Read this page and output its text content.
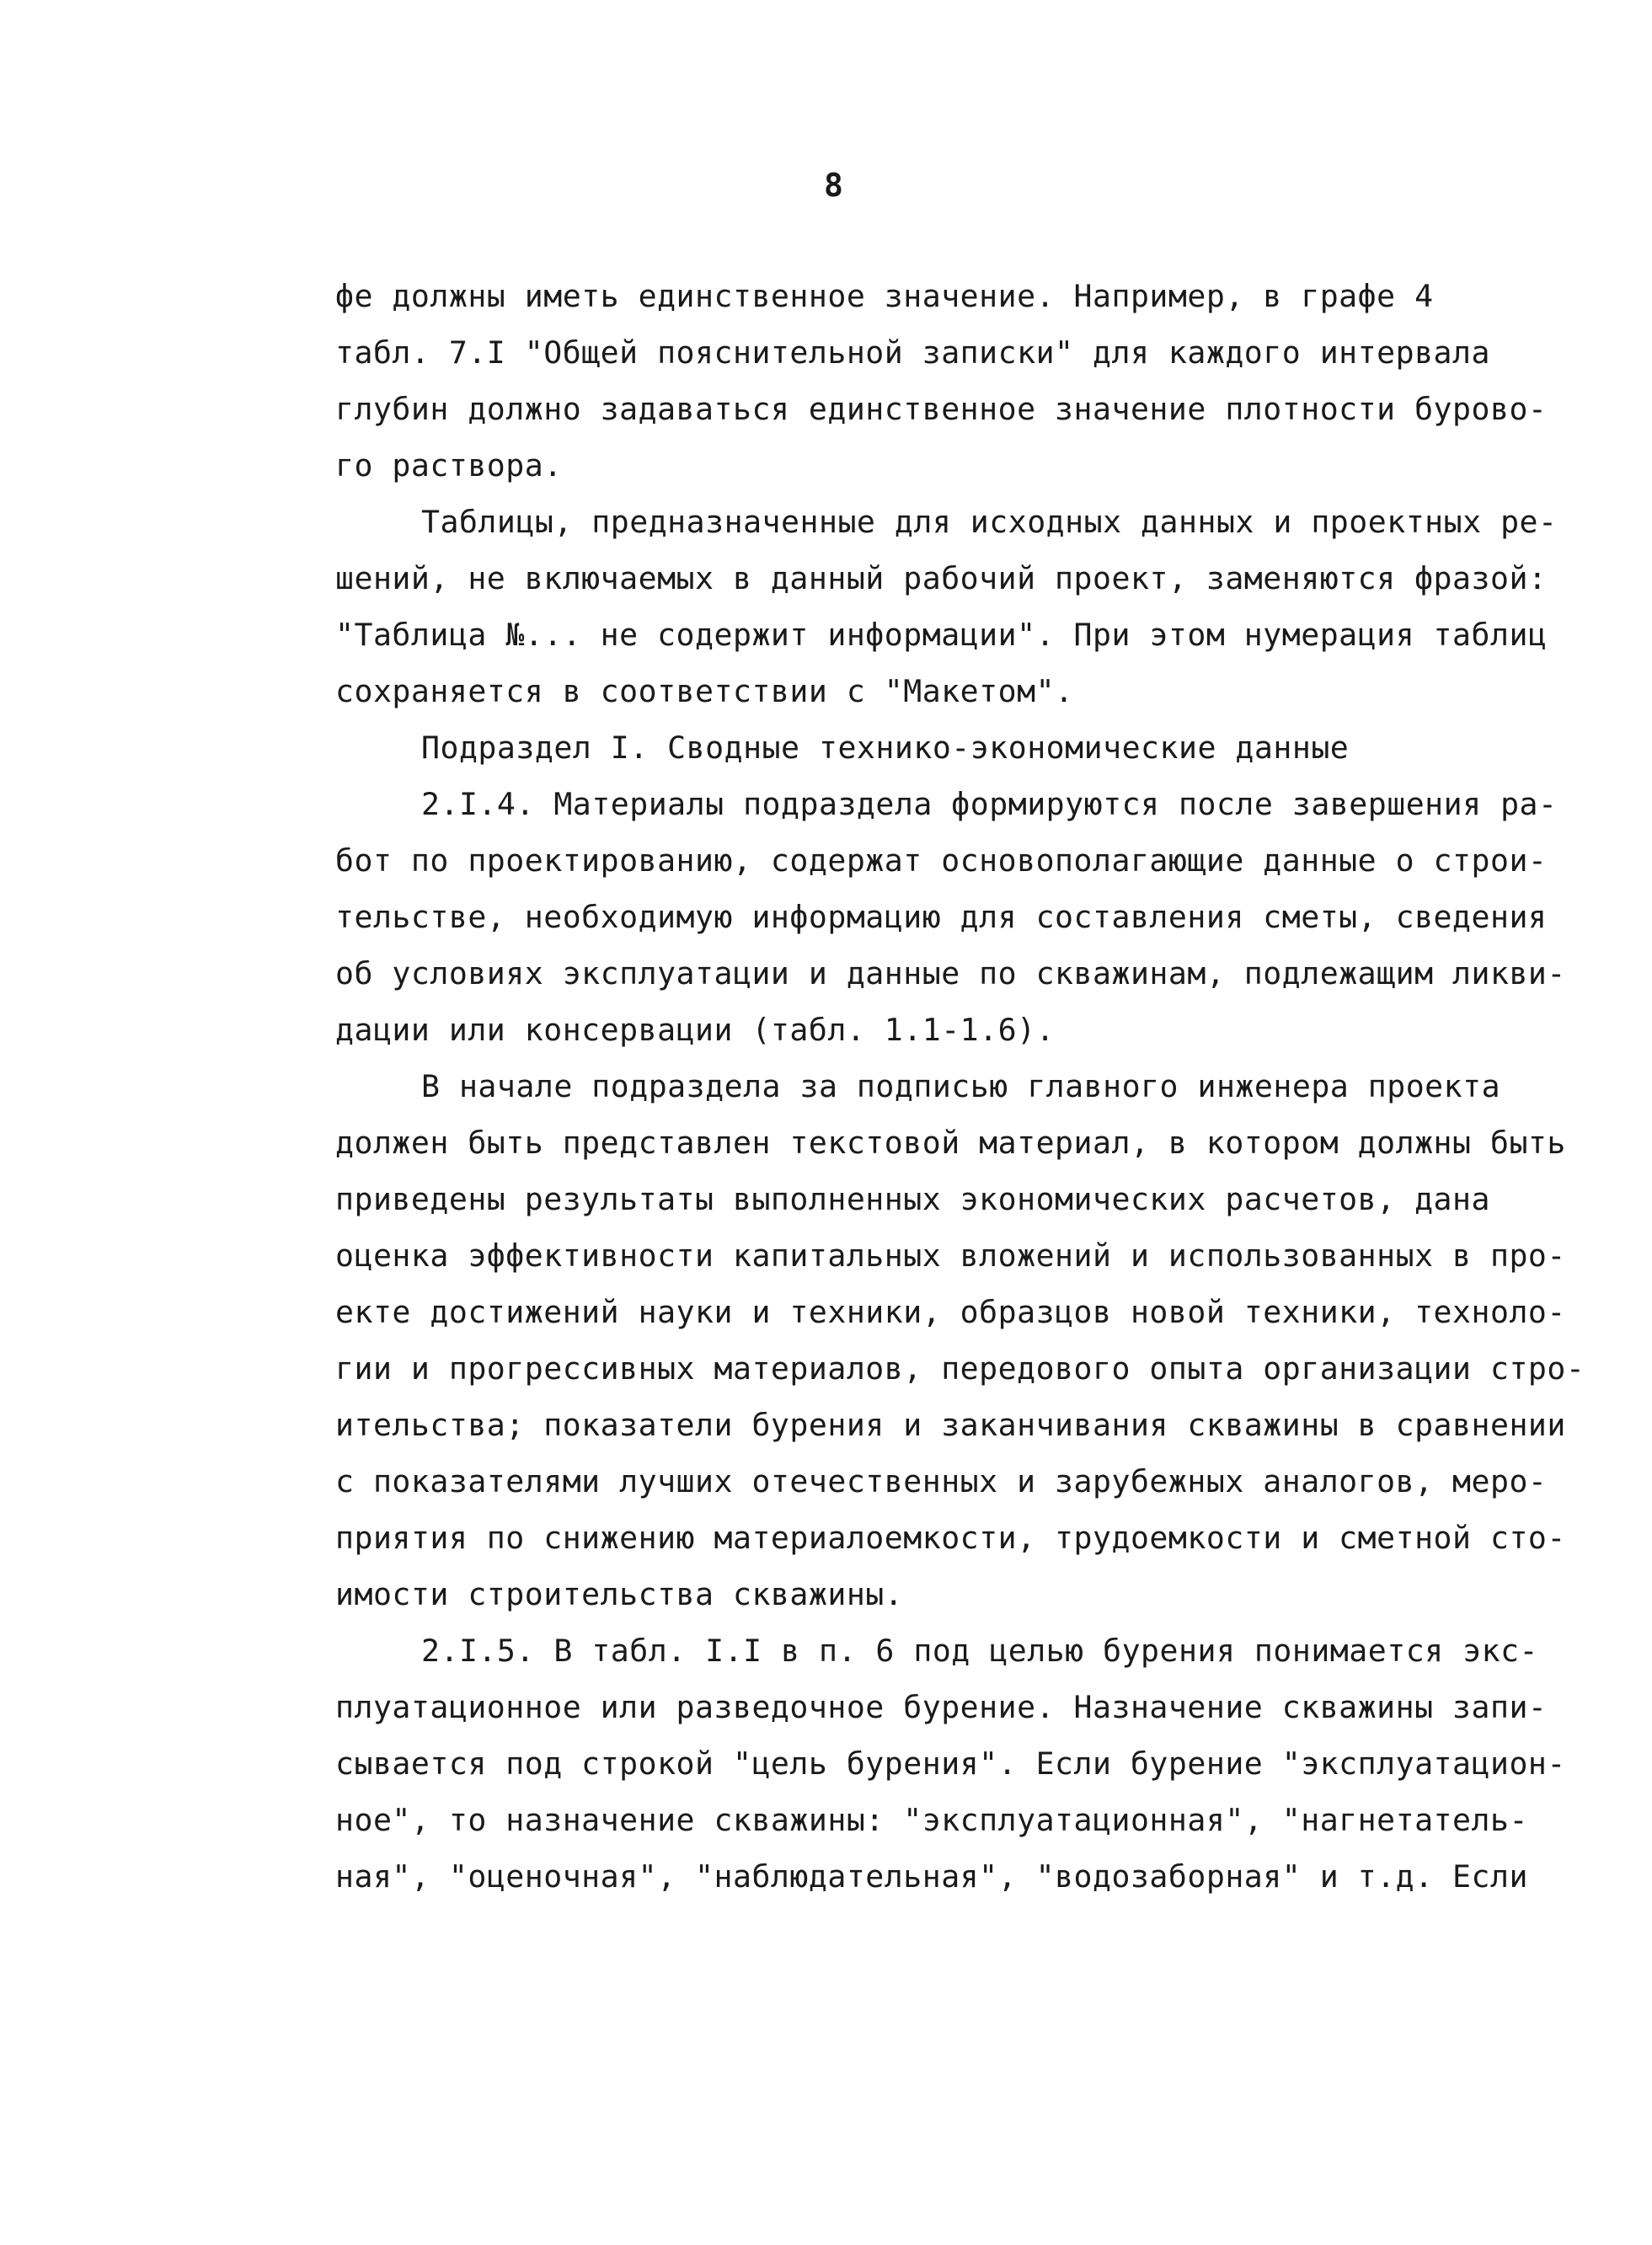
8
фе должны иметь единственное значение. Например, в графе 4
табл. 7.I "Общей пояснительной записки" для каждого интервала
глубин должно задаваться единственное значение плотности бурово-
го раствора.
Таблицы, предназначенные для исходных данных и проектных ре-
шений, не включаемых в данный рабочий проект, заменяются фразой:
"Таблица №... не содержит информации". При этом нумерация таблиц
сохраняется в соответствии с "Макетом".
Подраздел I. Сводные технико-экономические данные
2.I.4. Материалы подраздела формируются после завершения ра-
бот по проектированию, содержат основополагающие данные о строи-
тельстве, необходимую информацию для составления сметы, сведения
об условиях эксплуатации и данные по скважинам, подлежащим ликви-
дации или консервации (табл. 1.1-1.6).
В начале подраздела за подписью главного инженера проекта
должен быть представлен текстовой материал, в котором должны быть
приведены результаты выполненных экономических расчетов, дана
оценка эффективности капитальных вложений и использованных в про-
екте достижений науки и техники, образцов новой техники, техноло-
гии и прогрессивных материалов, передового опыта организации стро-
ительства; показатели бурения и заканчивания скважины в сравнении
с показателями лучших отечественных и зарубежных аналогов, меро-
приятия по снижению материалоемкости, трудоемкости и сметной сто-
имости строительства скважины.
2.I.5. В табл. I.I в п. 6 под целью бурения понимается экс-
плуатационное или разведочное бурение. Назначение скважины запи-
сывается под строкой "цель бурения". Если бурение "эксплуатацион-
ное", то назначение скважины: "эксплуатационная", "нагнетатель-
ная", "оценочная", "наблюдательная", "водозаборная" и т.д. Если
